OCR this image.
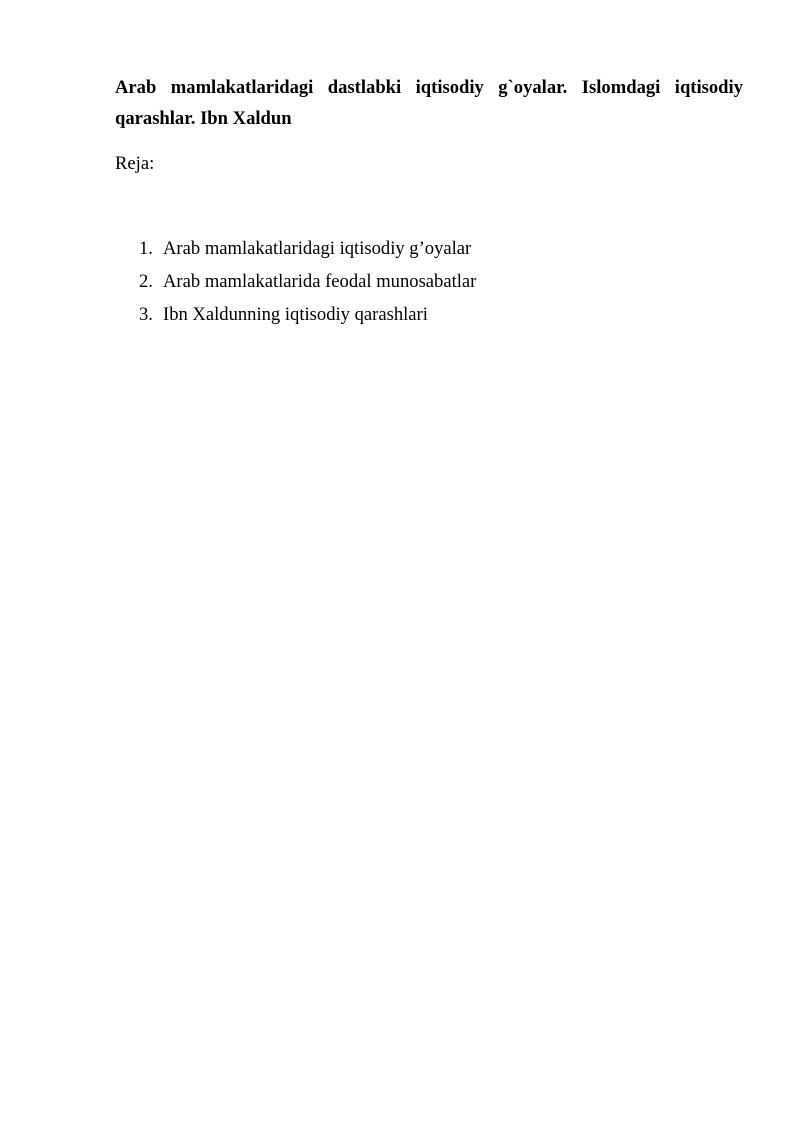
Arab mamlakatlaridagi dastlabki iqtisodiy g`oyalar. Islomdagi iqtisodiy qarashlar. Ibn Xaldun

Reja:

1. Arab mamlakatlaridagi iqtisodiy g’oyalar
2. Arab mamlakatlarida feodal munosabatlar
3. Ibn Xaldunning iqtisodiy qarashlari
